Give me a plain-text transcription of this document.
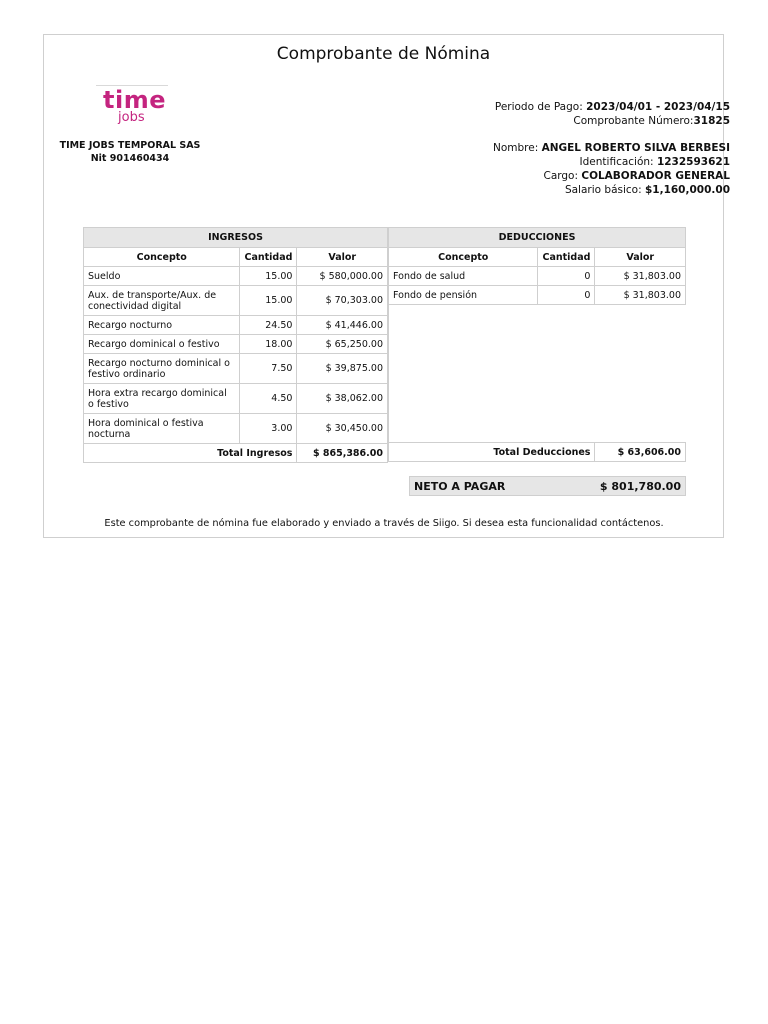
Comprobante de Nómina
time
jobs
TIME JOBS TEMPORAL SAS
Nit 901460434
Periodo de Pago: 2023/04/01 - 2023/04/15
Comprobante Número:31825
Nombre: ANGEL ROBERTO SILVA BERBESI
Identificación: 1232593621
Cargo: COLABORADOR GENERAL
Salario básico: $1,160,000.00
INGRESOS		
Concepto	Cantidad	Valor
Sueldo	15.00	$ 580,000.00
Aux. de transporte/Aux. de conectividad digital	15.00	$ 70,303.00
Recargo nocturno	24.50	$ 41,446.00
Recargo dominical o festivo	18.00	$ 65,250.00
Recargo nocturno dominical o festivo ordinario	7.50	$ 39,875.00
Hora extra recargo dominical o festivo	4.50	$ 38,062.00
Hora dominical o festiva nocturna	3.00	$ 30,450.00
Total Ingresos		$ 865,386.00
DEDUCCIONES		
Concepto	Cantidad	Valor
Fondo de salud	0	$ 31,803.00
Fondo de pensión	0	$ 31,803.00

Total Deducciones		$ 63,606.00
NETO A PAGAR	$ 801,780.00
Este comprobante de nómina fue elaborado y enviado a través de Siigo. Si desea esta funcionalidad contáctenos.
